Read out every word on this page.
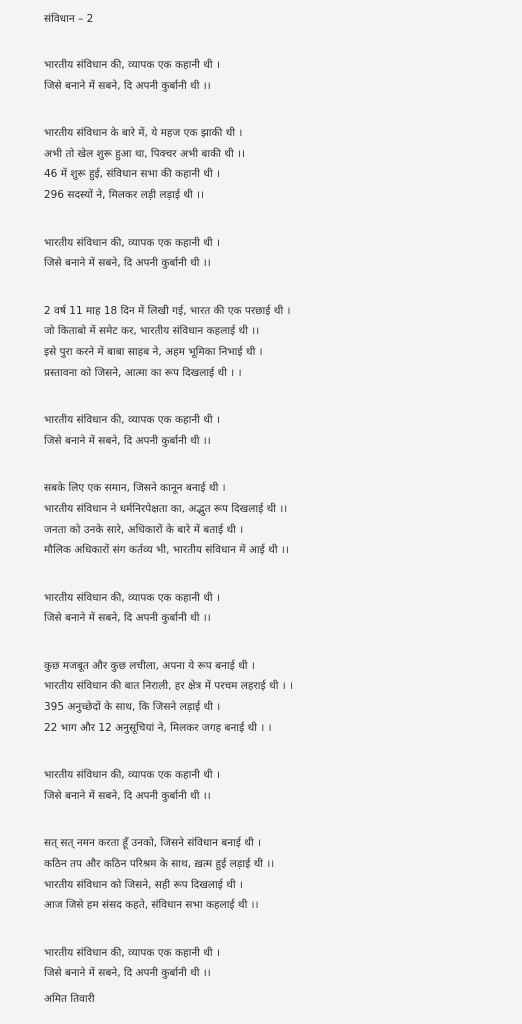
संविधान – 2
भारतीय संविधान की, व्यापक एक कहानी थी ।
जिसे बनाने में सबने, दि अपनी कुर्बानी थी ।।
भारतीय संविधान के बारे में, ये महज एक झाकी थी ।
अभी तो खेल शुरू हुआ था, पिक्चर अभी बाकी थी ।।
46 में शुरू हुई, संविधान सभा की कहानी थी ।
296 सदस्यों ने, मिलकर लड़ी लड़ाई थी ।।
भारतीय संविधान की, व्यापक एक कहानी थी ।
जिसे बनाने में सबने, दि अपनी कुर्बानी थी ।।
2 वर्ष 11 माह 18 दिन में लिखी गई, भारत की एक परछाई थी ।
जो किताबो में समेट कर, भारतीय संविधान कहलाई थी ।।
इसे पुरा करने में बाबा साहब ने, अहम भूमिका निभाई थी ।
प्रस्तावना को जिसने, आत्मा का रूप दिखलाई थी । ।
भारतीय संविधान की, व्यापक एक कहानी थी ।
जिसे बनाने में सबने, दि अपनी कुर्बानी थी ।।
सबके लिए एक समान, जिसने कानून बनाई थी ।
भारतीय संविधान ने धर्मनिरपेक्षता का, अद्भुत रूप दिखलाई थी ।।
जनता को उनके सारे, अधिकारों के बारे में बताई थी ।
मौलिक अधिकारों संग कर्तव्य भी, भारतीय संविधान में आई थी ।।
भारतीय संविधान की, व्यापक एक कहानी थी ।
जिसे बनाने में सबने, दि अपनी कुर्बानी थी ।।
कुछ मजबूत और कुछ लचीला, अपना ये रूप बनाई थी ।
भारतीय संविधान की बात निराली, हर क्षेत्र में परचम लहराई थी । ।
395 अनुच्छेदों के साथ, कि जिसने लड़ाई थी ।
22 भाग और 12 अनुसूचियां ने, मिलकर जगह बनाई थी । ।
भारतीय संविधान की, व्यापक एक कहानी थी ।
जिसे बनाने में सबने, दि अपनी कुर्बानी थी ।।
सत् सत् नमन करता हूँ उनको, जिसने संविधान बनाई थी ।
कठिन तप और कठिन परिश्रम के साथ, ख़त्म हुई लड़ाई थी ।।
भारतीय संविधान को जिसने, सही रूप दिखलाई थी ।
आज जिसे हम संसद कहते, संविधान सभा कहलाई थी ।।
भारतीय संविधान की, व्यापक एक कहानी थी ।
जिसे बनाने में सबने, दि अपनी कुर्बानी थी ।।
अमित तिवारी
